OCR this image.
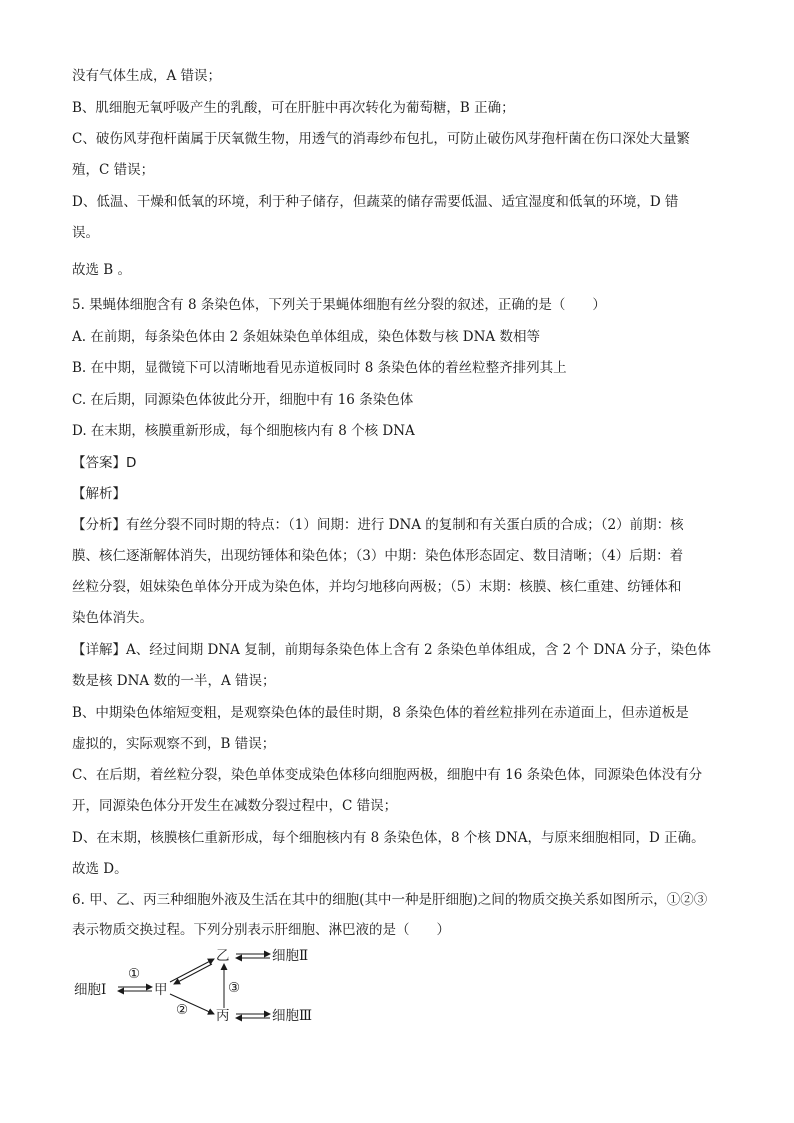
没有气体生成，A 错误；
B、肌细胞无氧呼吸产生的乳酸，可在肝脏中再次转化为葡萄糖，B 正确；
C、破伤风芽孢杆菌属于厌氧微生物，用透气的消毒纱布包扎，可防止破伤风芽孢杆菌在伤口深处大量繁
殖，C 错误；
D、低温、干燥和低氧的环境，利于种子储存，但蔬菜的储存需要低温、适宜湿度和低氧的环境，D 错
误。
故选 B 。
5. 果蝇体细胞含有 8 条染色体，下列关于果蝇体细胞有丝分裂的叙述，正确的是（　　）
A. 在前期，每条染色体由 2 条姐妹染色单体组成，染色体数与核 DNA 数相等
B. 在中期，显微镜下可以清晰地看见赤道板同时 8 条染色体的着丝粒整齐排列其上
C. 在后期，同源染色体彼此分开，细胞中有 16 条染色体
D. 在末期，核膜重新形成，每个细胞核内有 8 个核 DNA
【答案】D
【解析】
【分析】有丝分裂不同时期的特点：（1）间期：进行 DNA 的复制和有关蛋白质的合成；（2）前期：核
膜、核仁逐渐解体消失，出现纺锤体和染色体；（3）中期：染色体形态固定、数目清晰；（4）后期：着
丝粒分裂，姐妹染色单体分开成为染色体，并均匀地移向两极；（5）末期：核膜、核仁重建、纺锤体和
染色体消失。
【详解】A、经过间期 DNA 复制，前期每条染色体上含有 2 条染色单体组成，含 2 个 DNA 分子，染色体
数是核 DNA 数的一半，A 错误；
B、中期染色体缩短变粗，是观察染色体的最佳时期，8 条染色体的着丝粒排列在赤道面上，但赤道板是
虚拟的，实际观察不到，B 错误；
C、在后期，着丝粒分裂，染色单体变成染色体移向细胞两极，细胞中有 16 条染色体，同源染色体没有分
开，同源染色体分开发生在减数分裂过程中，C 错误；
D、在末期，核膜核仁重新形成，每个细胞核内有 8 条染色体，8 个核 DNA，与原来细胞相同，D 正确。
故选 D。
6. 甲、乙、丙三种细胞外液及生活在其中的细胞(其中一种是肝细胞)之间的物质交换关系如图所示，①②③
表示物质交换过程。下列分别表示肝细胞、淋巴液的是（　　）
细胞Ⅰ	甲
乙
丙
细胞Ⅱ
细胞Ⅲ
①
②
③
